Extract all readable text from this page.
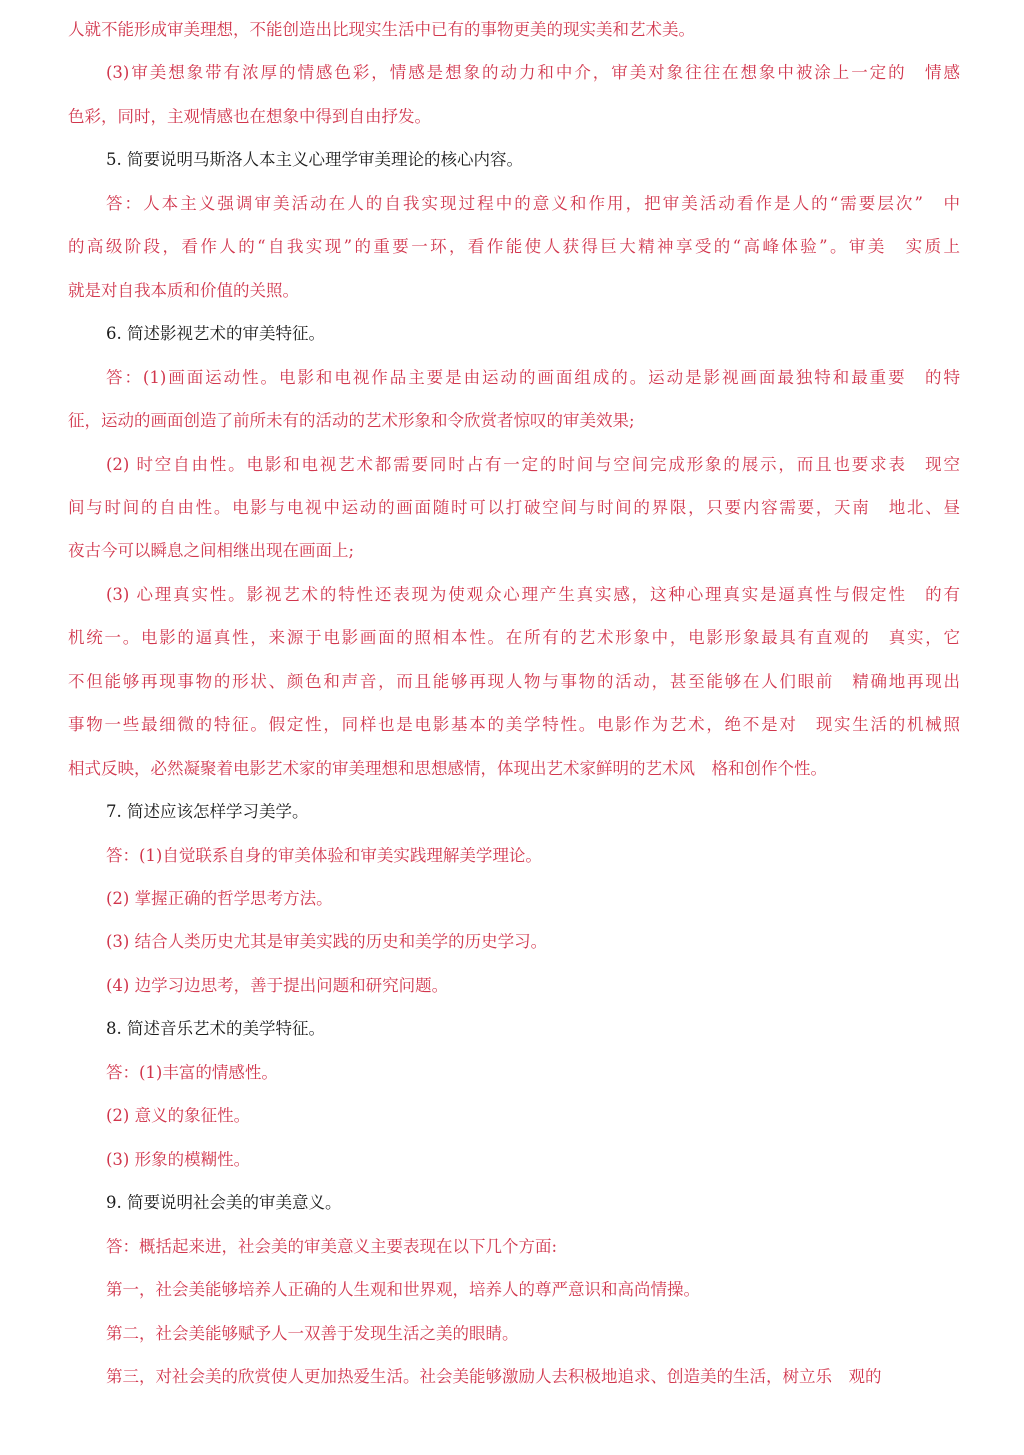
人就不能形成审美理想，不能创造出比现实生活中已有的事物更美的现实美和艺术美。
(3)审美想象带有浓厚的情感色彩，情感是想象的动力和中介，审美对象往往在想象中被涂上一定的　情感
色彩，同时，主观情感也在想象中得到自由抒发。
5. 简要说明马斯洛人本主义心理学审美理论的核心内容。
答：人本主义强调审美活动在人的自我实现过程中的意义和作用，把审美活动看作是人的“需要层次”　中
的高级阶段，看作人的“自我实现”的重要一环，看作能使人获得巨大精神享受的“高峰体验”。审美　实质上
就是对自我本质和价值的关照。
6. 简述影视艺术的审美特征。
答：(1)画面运动性。电影和电视作品主要是由运动的画面组成的。运动是影视画面最独特和最重要　的特
征，运动的画面创造了前所未有的活动的艺术形象和令欣赏者惊叹的审美效果;
(2) 时空自由性。电影和电视艺术都需要同时占有一定的时间与空间完成形象的展示，而且也要求表　现空
间与时间的自由性。电影与电视中运动的画面随时可以打破空间与时间的界限，只要内容需要，天南　地北、昼
夜古今可以瞬息之间相继出现在画面上;
(3) 心理真实性。影视艺术的特性还表现为使观众心理产生真实感，这种心理真实是逼真性与假定性　的有
机统一。电影的逼真性，来源于电影画面的照相本性。在所有的艺术形象中，电影形象最具有直观的　真实，它
不但能够再现事物的形状、颜色和声音，而且能够再现人物与事物的活动，甚至能够在人们眼前　精确地再现出
事物一些最细微的特征。假定性，同样也是电影基本的美学特性。电影作为艺术，绝不是对　现实生活的机械照
相式反映，必然凝聚着电影艺术家的审美理想和思想感情，体现出艺术家鲜明的艺术风　格和创作个性。
7. 简述应该怎样学习美学。
答：(1)自觉联系自身的审美体验和审美实践理解美学理论。
(2) 掌握正确的哲学思考方法。
(3) 结合人类历史尤其是审美实践的历史和美学的历史学习。
(4) 边学习边思考，善于提出问题和研究问题。
8. 简述音乐艺术的美学特征。
答：(1)丰富的情感性。
(2) 意义的象征性。
(3) 形象的模糊性。
9. 简要说明社会美的审美意义。
答：概括起来进，社会美的审美意义主要表现在以下几个方面:
第一，社会美能够培养人正确的人生观和世界观，培养人的尊严意识和高尚情操。
第二，社会美能够赋予人一双善于发现生活之美的眼睛。
第三，对社会美的欣赏使人更加热爱生活。社会美能够激励人去积极地追求、创造美的生活，树立乐　观的
